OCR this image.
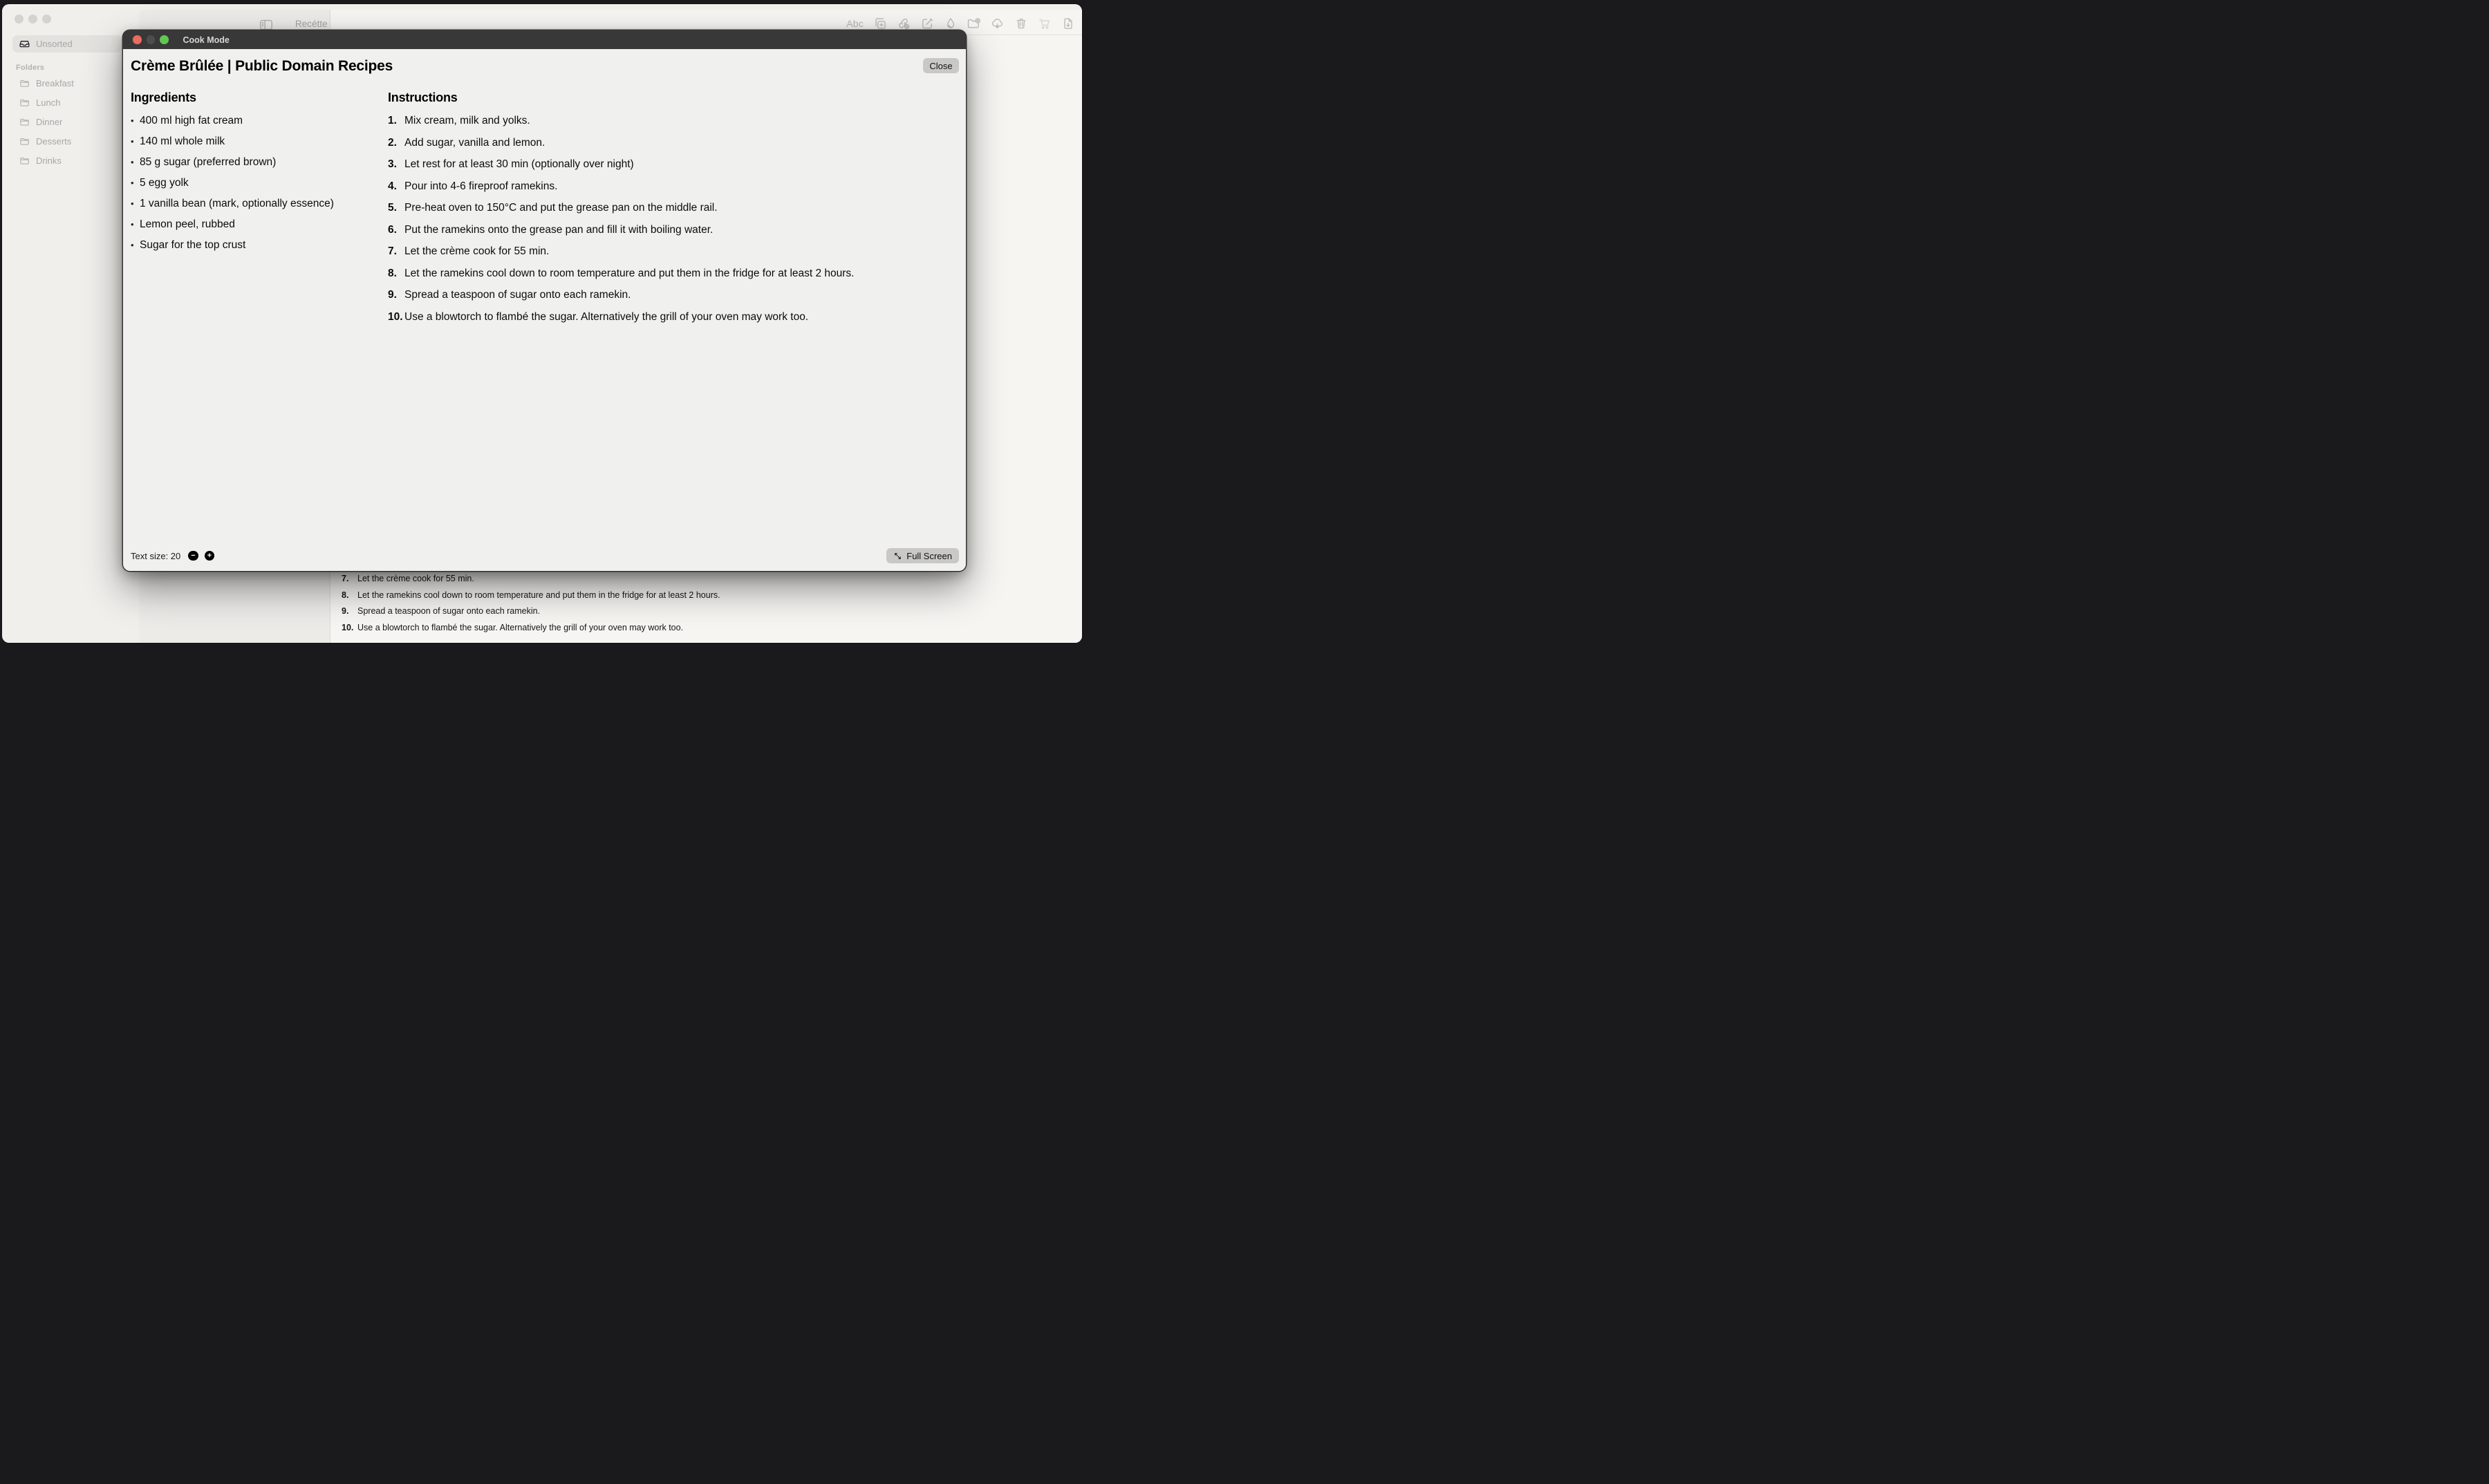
Unsorted
Folders
Breakfast
Lunch
Dinner
Desserts
Drinks
Abc
Recétte
7. Let the crème cook for 55 min.
8. Let the ramekins cool down to room temperature and put them in the fridge for at least 2 hours.
9. Spread a teaspoon of sugar onto each ramekin.
10. Use a blowtorch to flambé the sugar. Alternatively the grill of your oven may work too.
Cook Mode
Crème Brûlée | Public Domain Recipes	Close
Ingredients
• 400 ml high fat cream
• 140 ml whole milk
• 85 g sugar (preferred brown)
• 5 egg yolk
• 1 vanilla bean (mark, optionally essence)
• Lemon peel, rubbed
• Sugar for the top crust
Instructions
1. Mix cream, milk and yolks.
2. Add sugar, vanilla and lemon.
3. Let rest for at least 30 min (optionally over night)
4. Pour into 4-6 fireproof ramekins.
5. Pre-heat oven to 150°C and put the grease pan on the middle rail.
6. Put the ramekins onto the grease pan and fill it with boiling water.
7. Let the crème cook for 55 min.
8. Let the ramekins cool down to room temperature and put them in the fridge for at least 2 hours.
9. Spread a teaspoon of sugar onto each ramekin.
10. Use a blowtorch to flambé the sugar. Alternatively the grill of your oven may work too.
Text size: 20	−	+	Full Screen
